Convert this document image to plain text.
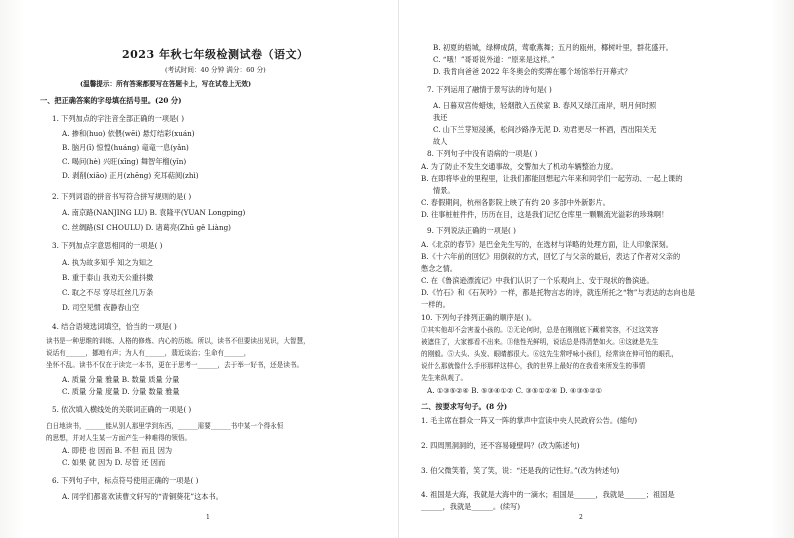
2023 年秋七年级检测试卷（语文）
(考试时间：40 分钟 满分：60 分)
(温馨提示：所有答案都要写在答题卡上，写在试卷上无效)
一、把正确答案的字母填在括号里。(20 分)
1. 下列加点的字注音全部正确的一项是( )
A. 掺和(huo) 依偎(wēi) 悬灯结彩(xuán)
B. 脑月(ǐ) 惊惶(huáng) 竜竜一息(yǎn)
C. 喝问(hè) 兴旺(xīng) 舞智年榴(yǐn)
D. 剥削(xiāo) 正月(zhēng) 充耳萜阅(zhì)
2. 下列词语的拼音书写符合拼写规则的是( )
A. 南京路(NANJING LU) B. 袁隆平(YUAN Longping)
C. 丝绸路(SI CHOULU) D. 诸葛亮(Zhū gě Liàng)
3. 下列加点字意思相同的一项是( )
A. 执为故多知乎 知之为知之
B. 重于泰山 我劝天公重抖擞
C. 取之不尽 穿尽红丝几万条
D. 司空见惯 夜静春山空
4. 结合语境选词填空，恰当的一项是( )
读书是一种思维的训练、人格的修炼、内心的历练。所以，读书不但要读出见识，大智慧，
说话有______，挪地有声；为人有______，翡近谈治；生命有______，
坐怀不乱。读书不仅在于读完一本书，更在于思考一______，去于举一好书，还是读书。
A. 质量 分量 雅量 B. 数量 质量 分量
C. 质量 分量 度量 D. 分量 数量 雅量
5. 依次填入横线处的关联词正确的一项是( )
白日地读书，______能从别人那里学到东西，______需要______书中某一个得永恒
的思想，并对人生某一方面产生一种难得的领悟。
A. 即使 也 因而 B. 不但 而且 因为
C. 如果 就 因为 D. 尽管 还 因而
6. 下列句子中，标点符号使用正确的一项是( )
A. 同学们都喜欢读曹文轩写的“青铜葵花”这本书。
1
B. 初夏的梧城，绿柳成荫，莺歌燕舞；五月的瓯州，椰树叶里，群花盛开。
C. “哦！”哥哥说外道：“原来是这样。”
D. 我肯向爸爸 2022 年冬奥会的奖牌在哪个场馆举行开幕式？
7. 下列运用了融情于景写法的诗句是( )
A. 日暮双宫传蜡烛，轻烟散入五侯家 B. 春风又绿江南岸，明月何时照
我还
C. 山下兰芽短浸溪，松间沙路净无泥 D. 劝君更尽一杯酒，西出阳关无
故人
8. 下列句子中没有语病的一项是( )
A. 为了防止不发生交通事故，交警加大了机动车辆整治力度。
B. 在即将毕业的里程里，让我们都能回想起六年来和同学们一起劳动、一起上课的
情景。
C. 春假期间，杭州各影院上映了有约 20 多部中外新影片。
D. 往事桩桩件件，历历在目，这是我们记忆仓库里一颗颗流光溢彩的珍珠啊！
9. 下列说法正确的一项是( )
A.《北京的春节》是巴金先生写的，在选材与详略的处理方面，让人印象深刻。
B.《十六年前的回忆》用倒叙的方式，回忆了与父亲的最后，表达了作者对父亲的
憋念之情。
C. 在《鲁滨逊漂流记》中我们认识了一个乐观向上、安于现状的鲁滨逊。
D.《竹石》和《石灰吟》一样，都是托物言志的诗，就连所托之“物”与表达的志向也是
一样的。
10. 下列句子排列正确的顺序是( )。
①其实他却不会害羞小孩的。②无论何时，总是在刚刚底下藏着笑容，不过这笑容
被遮住了，大家都看不出来。③他性光鲜明，说话总是得清楚如火。④这就是先生
的刚毅。⑤大头、头发、眼睛都很大。⑥这先生常呼咏小孩们，经常读在伸可怕的眼孔，
说什么那就像什么手形那样这样心，我的世界上最好的在我看来所发生的事情
先生来纵观了。
A. ①③⑤②④ B. ⑤③④①② C. ③⑤①②④ D. ④③⑤②①
二、按要求写句子。(8 分)
1. 毛主席在群众一阵又一阵的掌声中宣读中央人民政府公告。(缩句)
2. 四周黑洞洞的，还不容易碰壁吗？(改为陈述句)
3. 伯父微笑着，笑了笑，说：“还是我的记性好。”(改为转述句)
4. 祖国是大海，我就是大海中的一滴水；祖国是______，我就是______；祖国是
______，我就是______。(续写)
2
